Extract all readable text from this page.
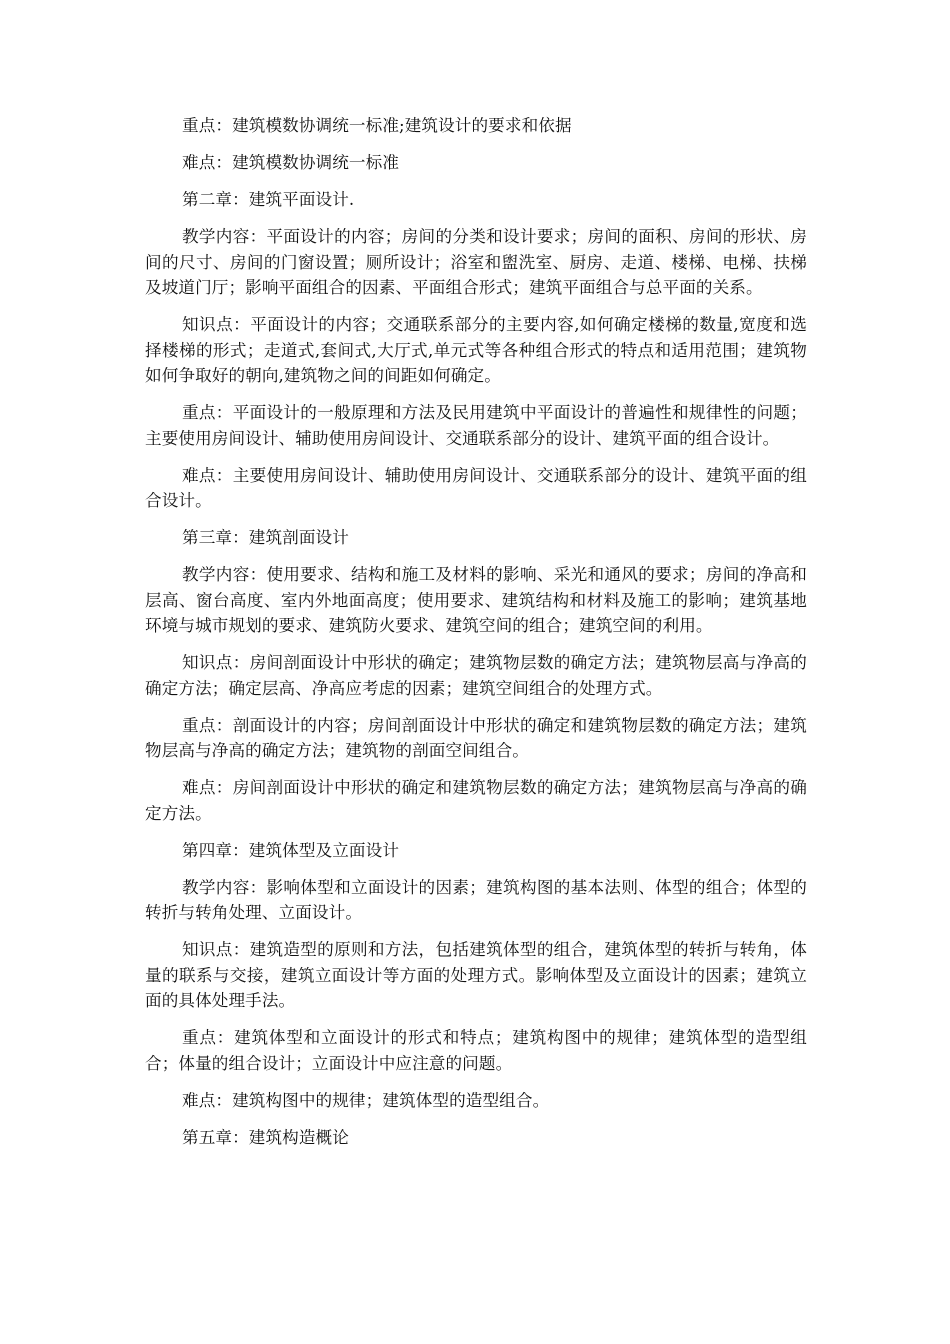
重点：建筑模数协调统一标准;建筑设计的要求和依据

难点：建筑模数协调统一标准

第二章：建筑平面设计.

教学内容：平面设计的内容；房间的分类和设计要求；房间的面积、房间的形状、房间的尺寸、房间的门窗设置；厕所设计；浴室和盥洗室、厨房、走道、楼梯、电梯、扶梯及坡道门厅；影响平面组合的因素、平面组合形式；建筑平面组合与总平面的关系。

知识点：平面设计的内容；交通联系部分的主要内容,如何确定楼梯的数量,宽度和选择楼梯的形式；走道式,套间式,大厅式,单元式等各种组合形式的特点和适用范围；建筑物如何争取好的朝向,建筑物之间的间距如何确定。

重点：平面设计的一般原理和方法及民用建筑中平面设计的普遍性和规律性的问题；主要使用房间设计、辅助使用房间设计、交通联系部分的设计、建筑平面的组合设计。

难点：主要使用房间设计、辅助使用房间设计、交通联系部分的设计、建筑平面的组合设计。

第三章：建筑剖面设计

教学内容：使用要求、结构和施工及材料的影响、采光和通风的要求；房间的净高和层高、窗台高度、室内外地面高度；使用要求、建筑结构和材料及施工的影响；建筑基地环境与城市规划的要求、建筑防火要求、建筑空间的组合；建筑空间的利用。

知识点：房间剖面设计中形状的确定；建筑物层数的确定方法；建筑物层高与净高的确定方法；确定层高、净高应考虑的因素；建筑空间组合的处理方式。

重点：剖面设计的内容；房间剖面设计中形状的确定和建筑物层数的确定方法；建筑物层高与净高的确定方法；建筑物的剖面空间组合。

难点：房间剖面设计中形状的确定和建筑物层数的确定方法；建筑物层高与净高的确定方法。

第四章：建筑体型及立面设计

教学内容：影响体型和立面设计的因素；建筑构图的基本法则、体型的组合；体型的转折与转角处理、立面设计。

知识点：建筑造型的原则和方法，包括建筑体型的组合，建筑体型的转折与转角，体量的联系与交接，建筑立面设计等方面的处理方式。影响体型及立面设计的因素；建筑立面的具体处理手法。

重点：建筑体型和立面设计的形式和特点；建筑构图中的规律；建筑体型的造型组合；体量的组合设计；立面设计中应注意的问题。

难点：建筑构图中的规律；建筑体型的造型组合。

第五章：建筑构造概论
